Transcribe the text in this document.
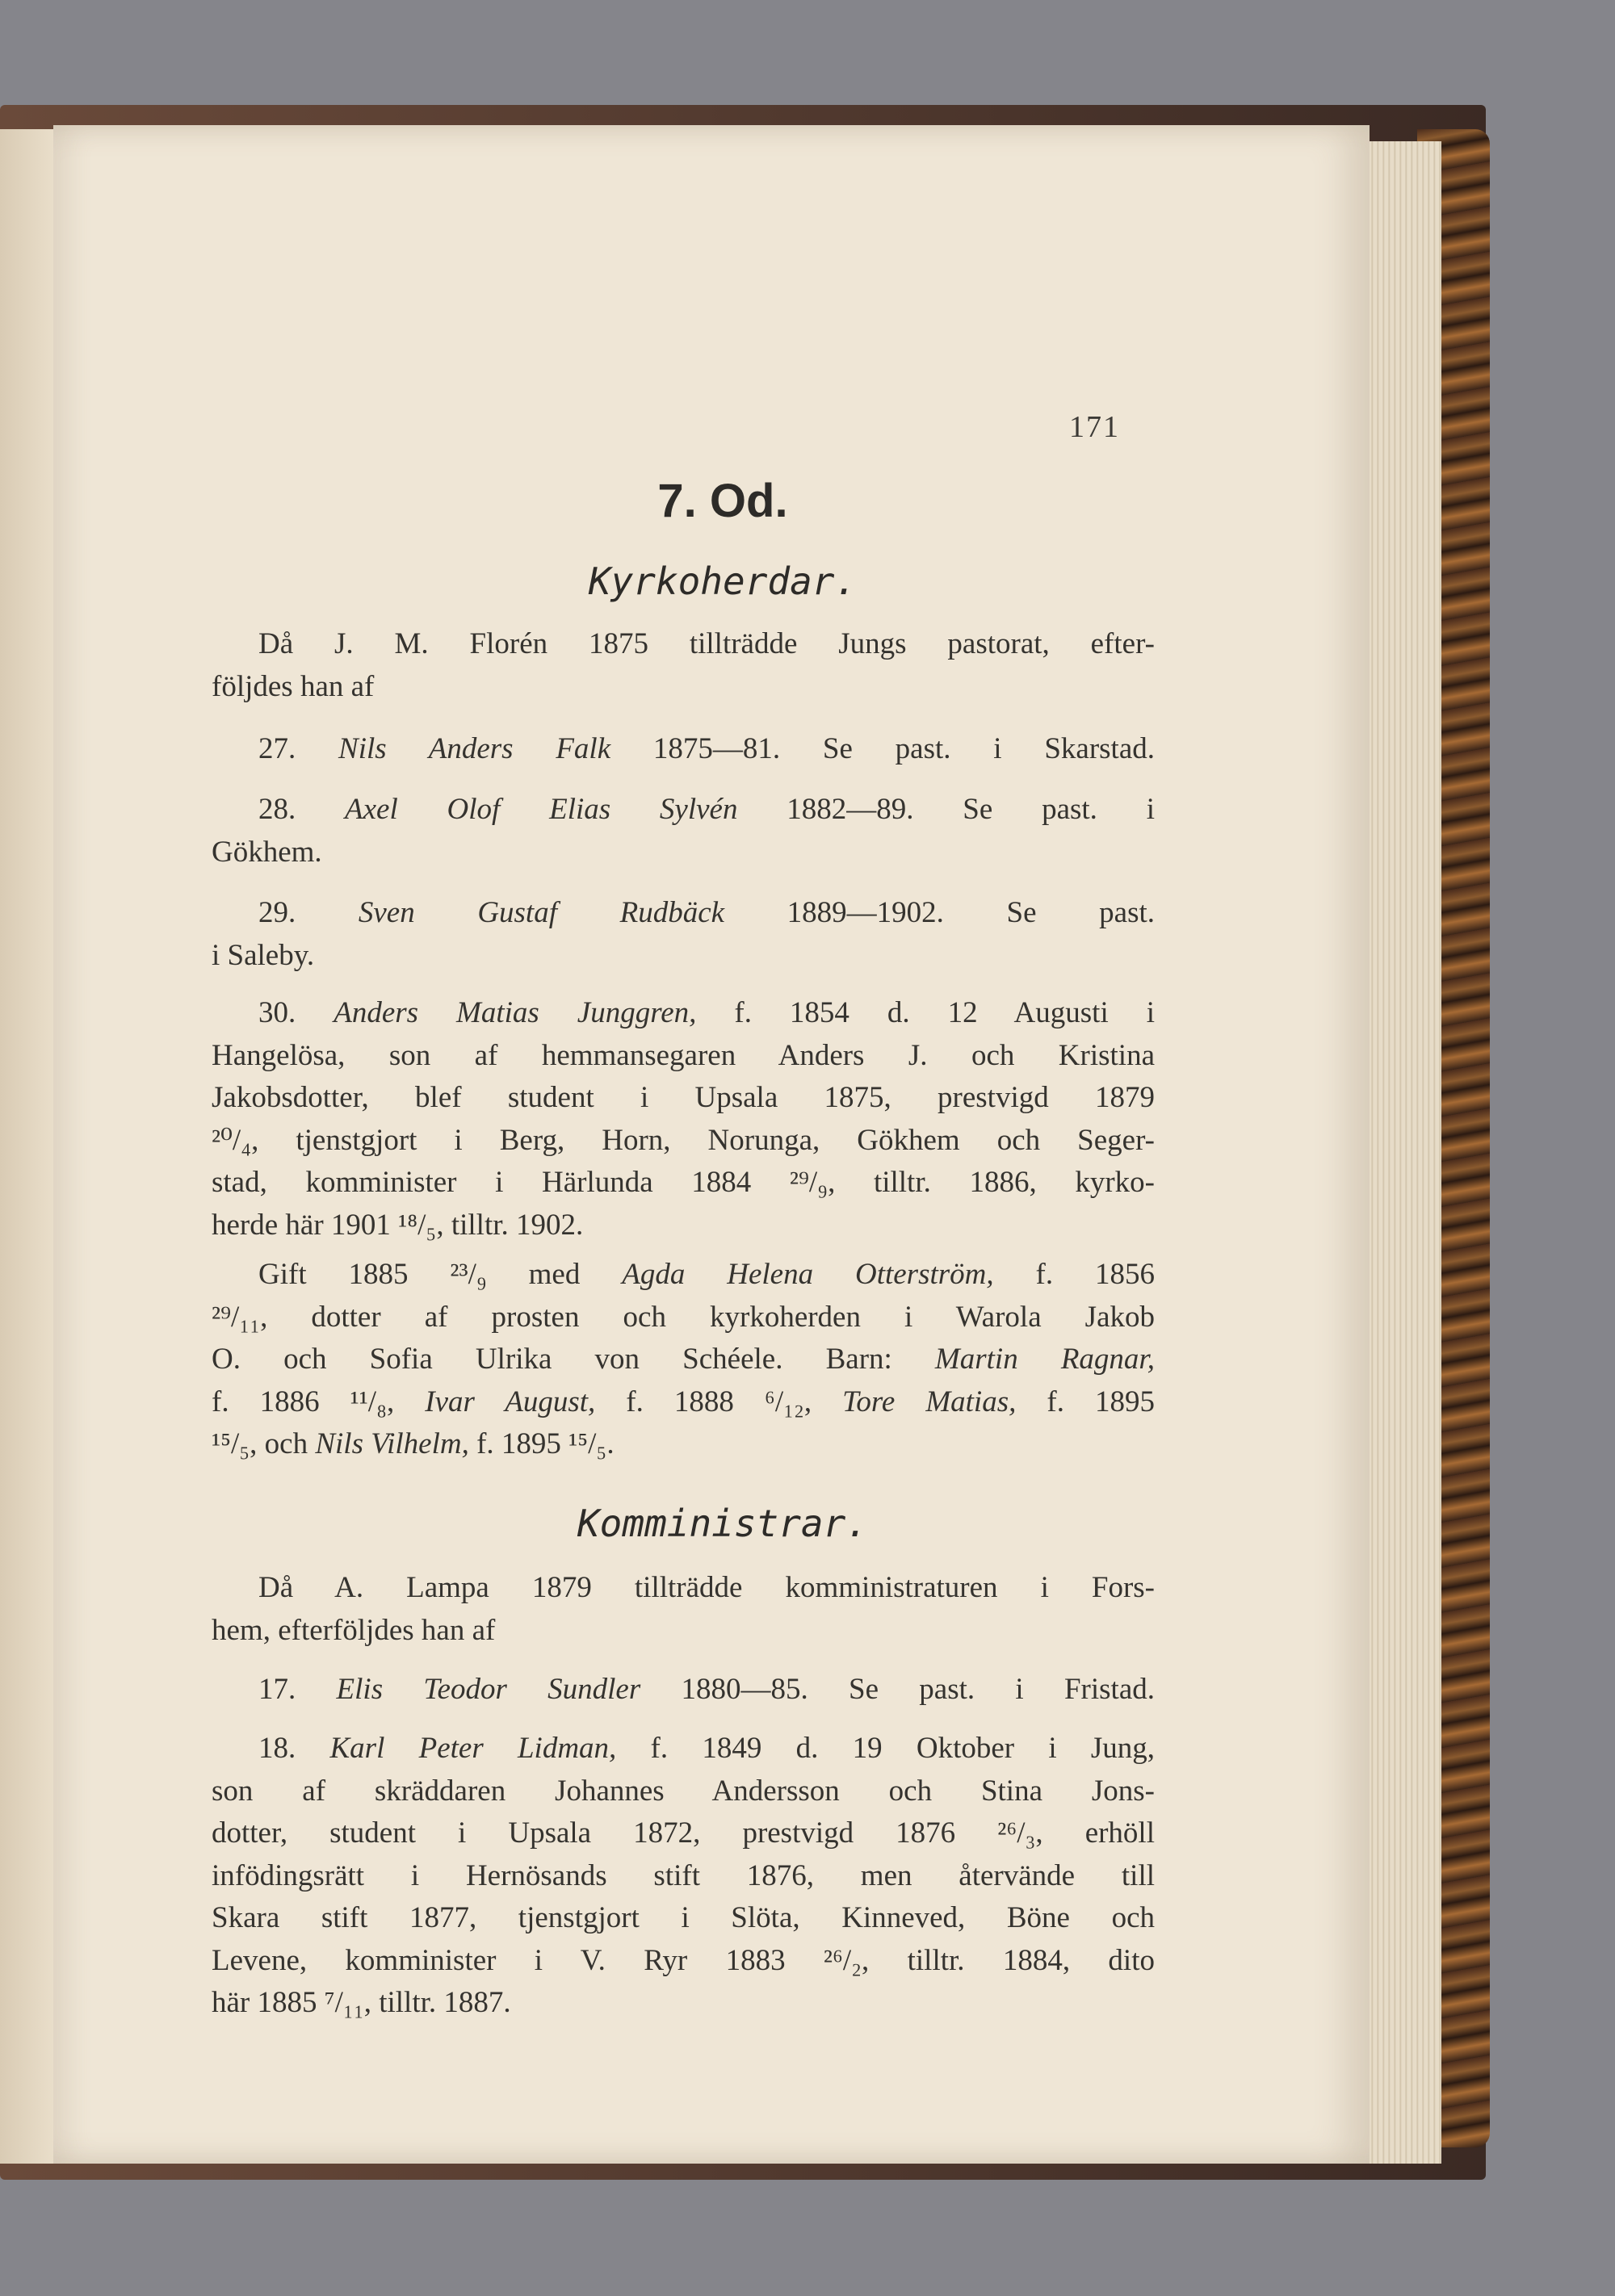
171
7. Od.
Kyrkoherdar.
Då J. M. Florén 1875 tillträdde Jungs pastorat, efter-
följdes han af
27. Nils Anders Falk 1875—81. Se past. i Skarstad.
28. Axel Olof Elias Sylvén 1882—89. Se past. i
Gökhem.
29. Sven Gustaf Rudbäck 1889—1902. Se past.
i Saleby.
30. Anders Matias Junggren, f. 1854 d. 12 Augusti i
Hangelösa, son af hemmansegaren Anders J. och Kristina
Jakobsdotter, blef student i Upsala 1875, prestvigd 1879
²⁰/₄, tjenstgjort i Berg, Horn, Norunga, Gökhem och Seger-
stad, komminister i Härlunda 1884 ²⁹/₉, tilltr. 1886, kyrko-
herde här 1901 ¹⁸/₅, tilltr. 1902.
Gift 1885 ²³/₉ med Agda Helena Otterström, f. 1856
²⁹/₁₁, dotter af prosten och kyrkoherden i Warola Jakob
O. och Sofia Ulrika von Schéele. Barn: Martin Ragnar,
f. 1886 ¹¹/₈, Ivar August, f. 1888 ⁶/₁₂, Tore Matias, f. 1895
¹⁵/₅, och Nils Vilhelm, f. 1895 ¹⁵/₅.
Komministrar.
Då A. Lampa 1879 tillträdde komministraturen i Fors-
hem, efterföljdes han af
17. Elis Teodor Sundler 1880—85. Se past. i Fristad.
18. Karl Peter Lidman, f. 1849 d. 19 Oktober i Jung,
son af skräddaren Johannes Andersson och Stina Jons-
dotter, student i Upsala 1872, prestvigd 1876 ²⁶/₃, erhöll
infödingsrätt i Hernösands stift 1876, men återvände till
Skara stift 1877, tjenstgjort i Slöta, Kinneved, Böne och
Levene, komminister i V. Ryr 1883 ²⁶/₂, tilltr. 1884, dito
här 1885 ⁷/₁₁, tilltr. 1887.
